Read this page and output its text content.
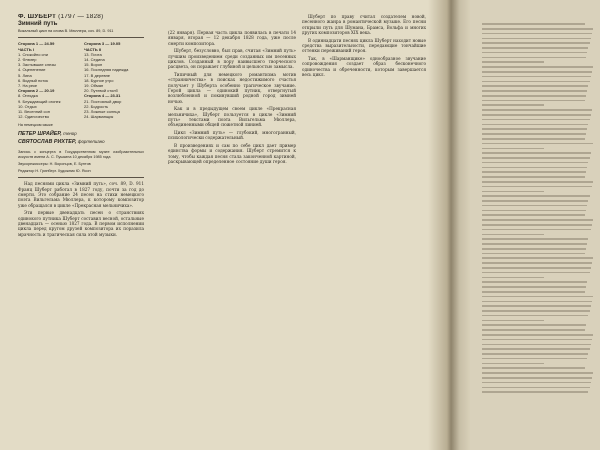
Ф. ШУБЕРТ (1797 — 1828)
Зимний путь
Вокальный цикл на слова В. Мюллера, соч. 89, D. 911
Сторона 1 — 24.59
ЧАСТЬ I
1. Спокойно спи
2. Флюгер
3. Застывшие слезы
4. Оцепенение
5. Липа
6. Водный поток
7. На реке
Сторона 2 — 20.19
8. Оглядка
9. Блуждающий огонек
10. Отдых
11. Весенний сон
12. Одиночество
Сторона 3 — 19.05
ЧАСТЬ II
13. Почта
14. Седина
15. Ворон
16. Последняя надежда
17. В деревне
18. Бурное утро
19. Обман
20. Путевой столб
Сторона 4 — 23.31
21. Постоялый двор
22. Бодрость
23. Ложные солнца
24. Шарманщик
На немецком языке
ПЕТЕР ШРАЙЕР, тенор
СВЯТОСЛАВ РИХТЕР, фортепиано
Запись с концерта в Государственном музее изобразительных искусств имени А. С. Пушкина 10 декабря 1985 года
Звукорежиссеры: Н. Воронцов, Е. Бунтов
Редактор Н. Гринберг. Художник Ю. Ясон

Над песнями цикла «Зимний путь», соч. 89, D. 911 Франц Шуберт работал в 1827 году, почти за год до смерти. Это собрание 24 песен на стихи немецкого поэта Вильгельма Мюллера, к которому композитор уже обращался в цикле «Прекрасная мельничиха».

Эти первые двенадцать песен о странствиях одинокого путника Шуберт составил весной, остальные двенадцать — осенью 1827 года. В первом исполнении цикла перед кругом друзей композитора их поразила мрачность и трагическая сила этой музыки.

(22 января). Первая часть цикла появилась в печати 14 января, вторая — 12 декабря 1828 года, уже после смерти композитора.

Шуберт, безусловно, был прав, считая «Зимний путь» лучшим произведением среди созданных им песенных циклов. Созданный в пору наивысшего творческого расцвета, он поражает глубиной и цельностью замысла.

Типичный для немецкого романтизма мотив «странничества» в поисках недостижимого счастья получает у Шуберта особенно трагическое звучание. Герой цикла — одинокий путник, отвергнутый возлюбленной и покинувший родной город зимней ночью.

Как и в предыдущем своем цикле «Прекрасная мельничиха», Шуберт пользуется в цикле «Зимний путь» текстами поэта Вильгельма Мюллера, объединенными общей сюжетной линией.

Цикл «Зимний путь» — глубокий, многогранный, психологически содержательный.

В произведениях и сам по себе цикл дает пример единства формы и содержания. Шуберт стремится к тому, чтобы каждая песня стала законченной картиной, раскрывающей определенное состояние души героя.

Шуберт по праву считал создателем новой, песенного жанра в романтической музыке. Его песни открыли путь для Шумана, Брамса, Вольфа и многих других композиторов XIX века.

В одиннадцати песнях цикла Шуберт находит новые средства выразительности, передающие тончайшие оттенки переживаний героя.

Так, в «Шарманщике» однообразное звучание сопровождения создает образ бесконечного одиночества и обреченности, которым завершается весь цикл.
